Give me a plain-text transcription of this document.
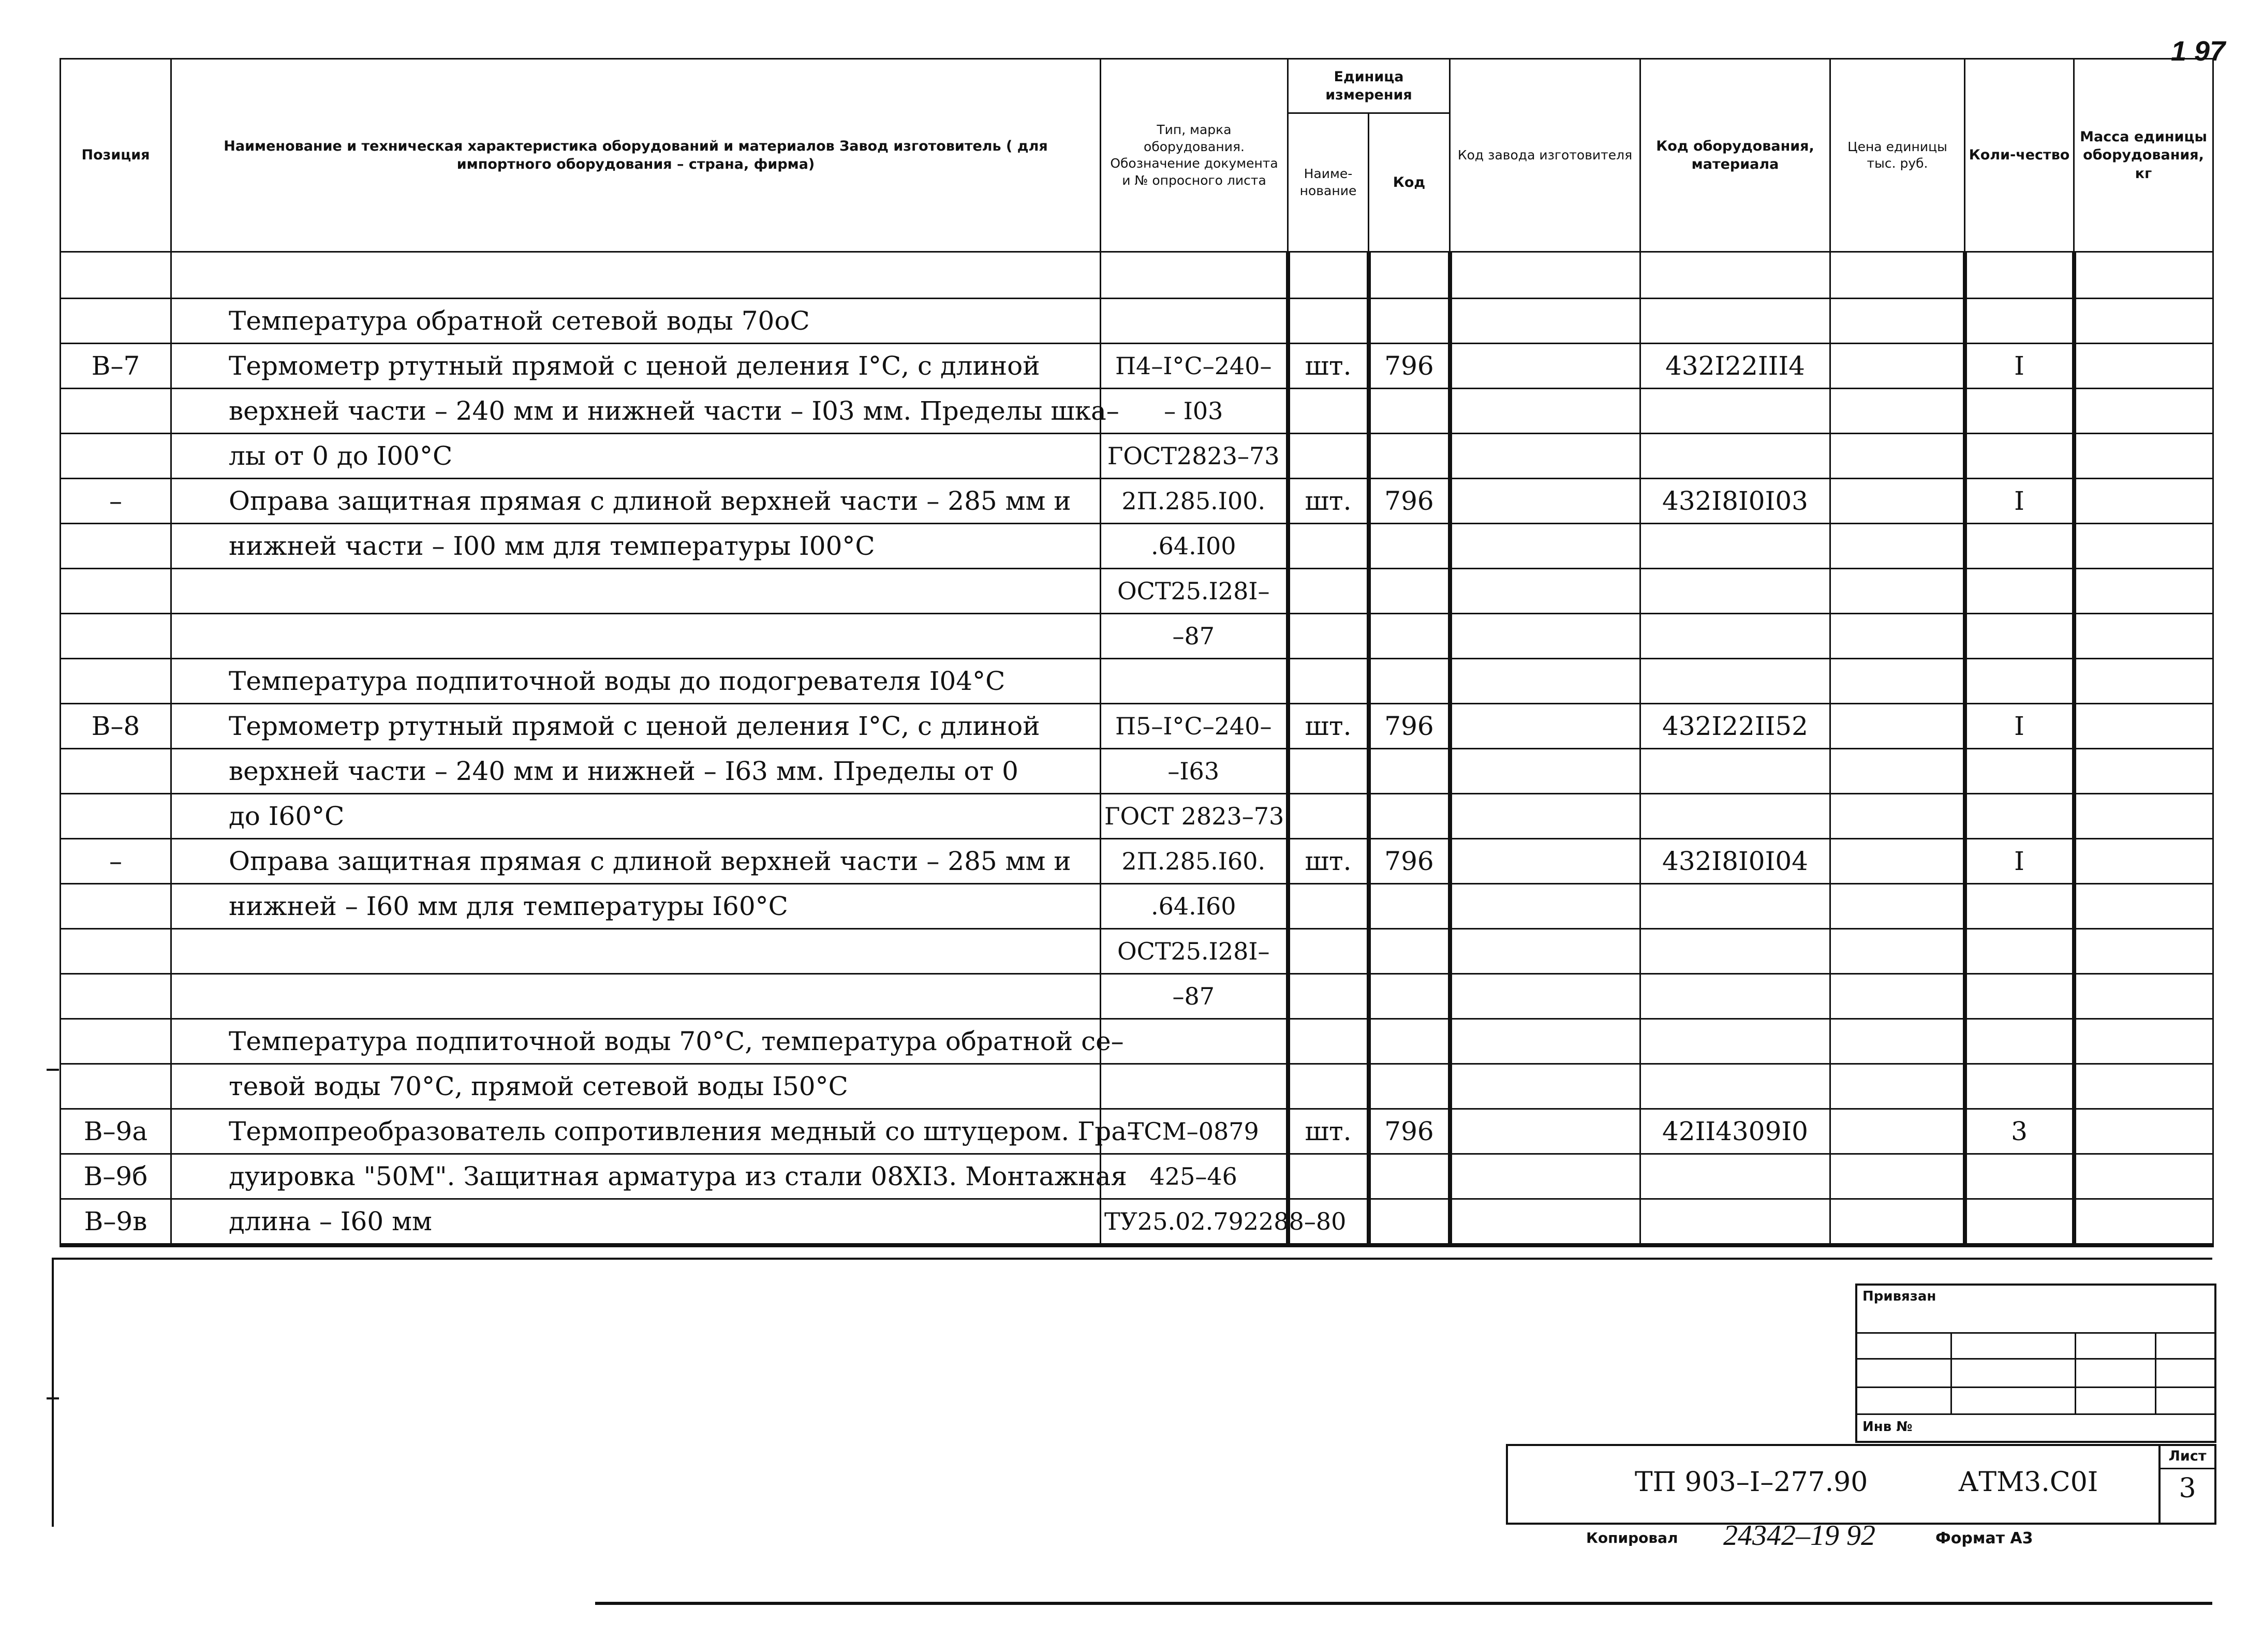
1 97
Позиция	Наименование и техническая характеристика оборудований и материалов Завод изготовитель ( для импортного оборудования – страна, фирма)	Тип, марка оборудования. Обозначение документа и № опросного листа	Единица измерения		Код завода изготовителя	Код оборудования, материала	Цена единицы тыс. руб.	Коли-чество	Масса единицы оборудования, кг
			Наиме-нование	Код					

	Температура обратной сетевой воды 70оС								
В–7	Термометр ртутный прямой с ценой деления I°С, с длиной	П4–I°С–240–	шт.	796		432I22III4		I	
	верхней части – 240 мм и нижней части – I03 мм. Пределы шка–	– I03							
	лы от 0 до I00°С	ГОСТ2823–73							
–	Оправа защитная прямая с длиной верхней части – 285 мм и	2П.285.I00.	шт.	796		432I8I0I03		I	
	нижней части – I00 мм для температуры I00°С	.64.I00							
		ОСТ25.I28I–							
		–87							
	Температура подпиточной воды до подогревателя I04°С								
В–8	Термометр ртутный прямой с ценой деления I°С, с длиной	П5–I°С–240–	шт.	796		432I22II52		I	
	верхней части – 240 мм и нижней – I63 мм. Пределы от 0	–I63							
	до I60°С	ГОСТ 2823–73							
–	Оправа защитная прямая с длиной верхней части – 285 мм и	2П.285.I60.	шт.	796		432I8I0I04		I	
	нижней – I60 мм для температуры I60°С	.64.I60							
		ОСТ25.I28I–							
		–87							
	Температура подпиточной воды 70°С, температура обратной се–								
	тевой воды 70°С, прямой сетевой воды I50°С								
В–9а	Термопреобразователь сопротивления медный со штуцером. Гра–	ТСМ–0879	шт.	796		42II4309I0		3	
В–9б	дуировка "50М". Защитная арматура из стали 08ХI3. Монтажная	425–46							
В–9в	длина – I60 мм	ТУ25.02.792288–80							
Привязан
Инв №
ТП 903–I–277.90	АТМ3.С0I
Лист
3
Копировал 24342–19 92	Формат А3
